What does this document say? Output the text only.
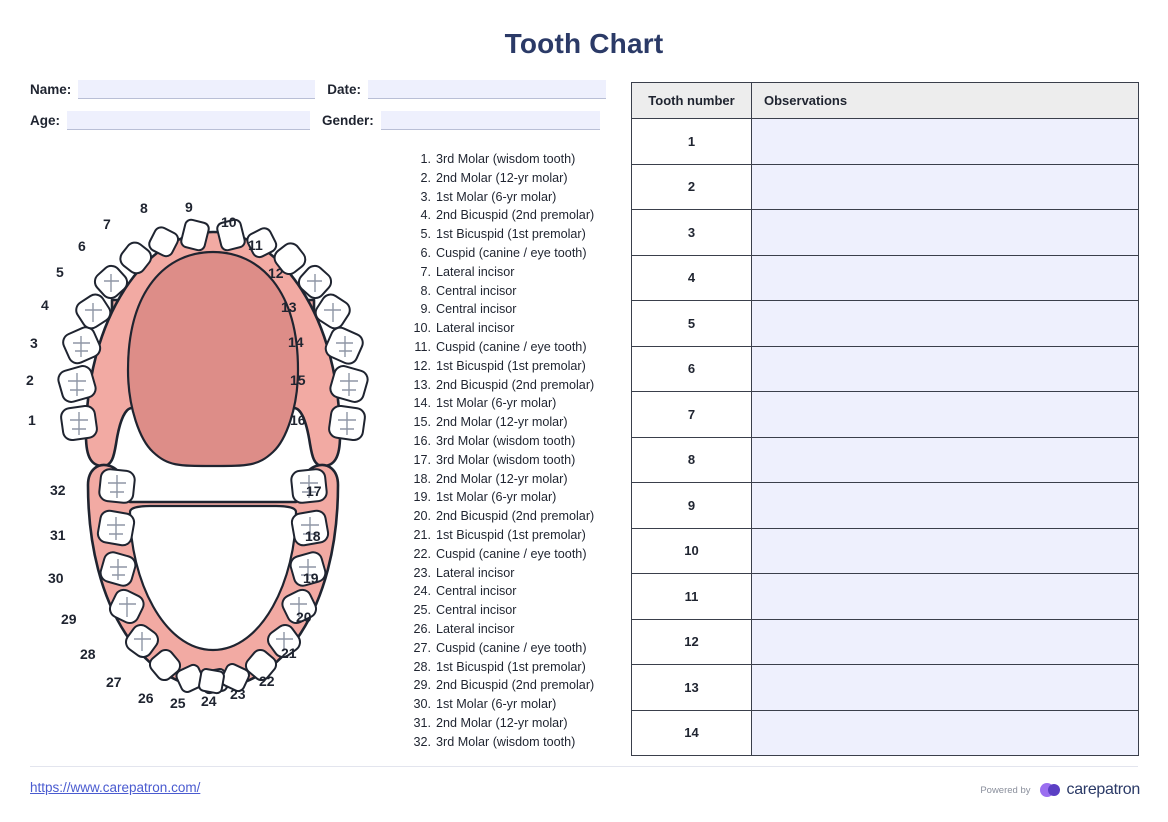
Tooth Chart
Name:	Date:
Age:	Gender:
1
2
3
4
5
6
7
8	9
10
11
12
13
14
15
16
32
31
30
29
28
27
26 25 24 23
22
21
20
19
18
17
1. 3rd Molar (wisdom tooth)
2. 2nd Molar (12-yr molar)
3. 1st Molar (6-yr molar)
4. 2nd Bicuspid (2nd premolar)
5. 1st Bicuspid (1st premolar)
6. Cuspid (canine / eye tooth)
7. Lateral incisor
8. Central incisor
9. Central incisor
10. Lateral incisor
11. Cuspid (canine / eye tooth)
12. 1st Bicuspid (1st premolar)
13. 2nd Bicuspid (2nd premolar)
14. 1st Molar (6-yr molar)
15. 2nd Molar (12-yr molar)
16. 3rd Molar (wisdom tooth)
17. 3rd Molar (wisdom tooth)
18. 2nd Molar (12-yr molar)
19. 1st Molar (6-yr molar)
20. 2nd Bicuspid (2nd premolar)
21. 1st Bicuspid (1st premolar)
22. Cuspid (canine / eye tooth)
23. Lateral incisor
24. Central incisor
25. Central incisor
26. Lateral incisor
27. Cuspid (canine / eye tooth)
28. 1st Bicuspid (1st premolar)
29. 2nd Bicuspid (2nd premolar)
30. 1st Molar (6-yr molar)
31. 2nd Molar (12-yr molar)
32. 3rd Molar (wisdom tooth)
Tooth number	Observations
1	
2	
3	
4	
5	
6	
7	
8	
9	
10	
11	
12	
13	
14	
https://www.carepatron.com/	Powered by carepatron
